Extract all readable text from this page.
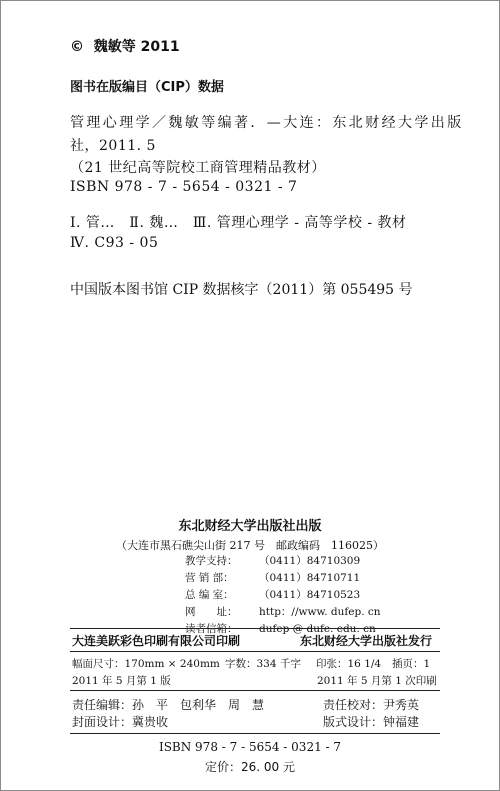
© 魏敏等 2011
图书在版编目（CIP）数据
管理心理学／魏敏等编著．—大连：东北财经大学出版
社，2011. 5
（21 世纪高等院校工商管理精品教材）
ISBN 978 - 7 - 5654 - 0321 - 7
Ⅰ. 管…　Ⅱ. 魏…　Ⅲ. 管理心理学 - 高等学校 - 教材
Ⅳ. C93 - 05
中国版本图书馆 CIP 数据核字（2011）第 055495 号
东北财经大学出版社出版
（大连市黑石礁尖山街 217 号　邮政编码　116025）
教学支持：	（0411）84710309
营 销 部：	（0411）84710711
总 编 室：	（0411）84710523
网　　址：	http：//www. dufep. cn
读者信箱：	dufep @ dufe. edu. cn
大连美跃彩色印刷有限公司印刷	东北财经大学出版社发行
幅面尺寸：170mm × 240mm 字数：334 千字 印张：16 1/4 插页：1
2011 年 5 月第 1 版	2011 年 5 月第 1 次印刷
责任编辑：孙　平　包利华　周　慧	责任校对：尹秀英
封面设计：冀贵收	版式设计：钟福建
ISBN 978 - 7 - 5654 - 0321 - 7
定价：26. 00 元
